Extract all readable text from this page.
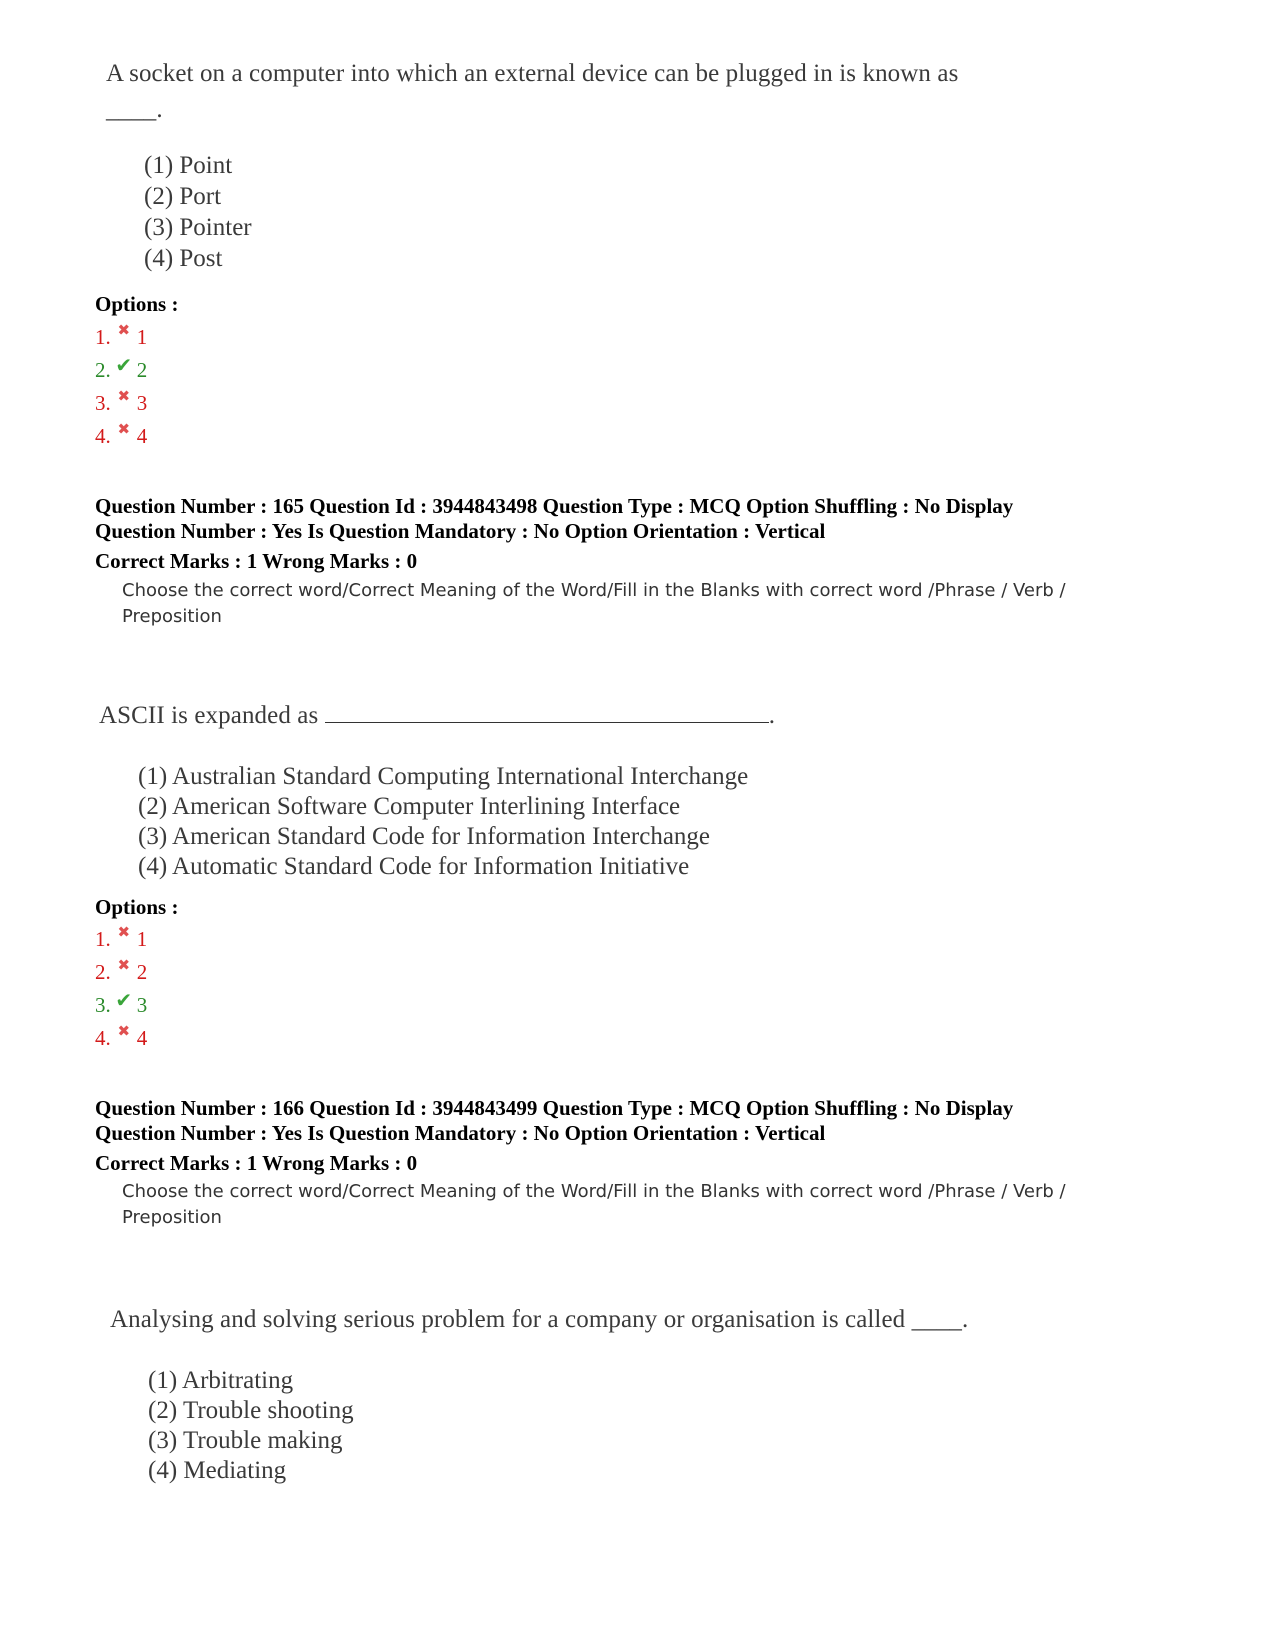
A socket on a computer into which an external device can be plugged in is known as
____.
(1) Point
(2) Port
(3) Pointer
(4) Post
Options :
1. ✖ 1
2. ✔ 2
3. ✖ 3
4. ✖ 4
Question Number : 165 Question Id : 3944843498 Question Type : MCQ Option Shuffling : No Display
Question Number : Yes Is Question Mandatory : No Option Orientation : Vertical
Correct Marks : 1 Wrong Marks : 0
Choose the correct word/Correct Meaning of the Word/Fill in the Blanks with correct word /Phrase / Verb /
Preposition
ASCII is expanded as	.
(1) Australian Standard Computing International Interchange
(2) American Software Computer Interlining Interface
(3) American Standard Code for Information Interchange
(4) Automatic Standard Code for Information Initiative
Options :
1. ✖ 1
2. ✖ 2
3. ✔ 3
4. ✖ 4
Question Number : 166 Question Id : 3944843499 Question Type : MCQ Option Shuffling : No Display
Question Number : Yes Is Question Mandatory : No Option Orientation : Vertical
Correct Marks : 1 Wrong Marks : 0
Choose the correct word/Correct Meaning of the Word/Fill in the Blanks with correct word /Phrase / Verb /
Preposition
Analysing and solving serious problem for a company or organisation is called ____.
(1) Arbitrating
(2) Trouble shooting
(3) Trouble making
(4) Mediating
